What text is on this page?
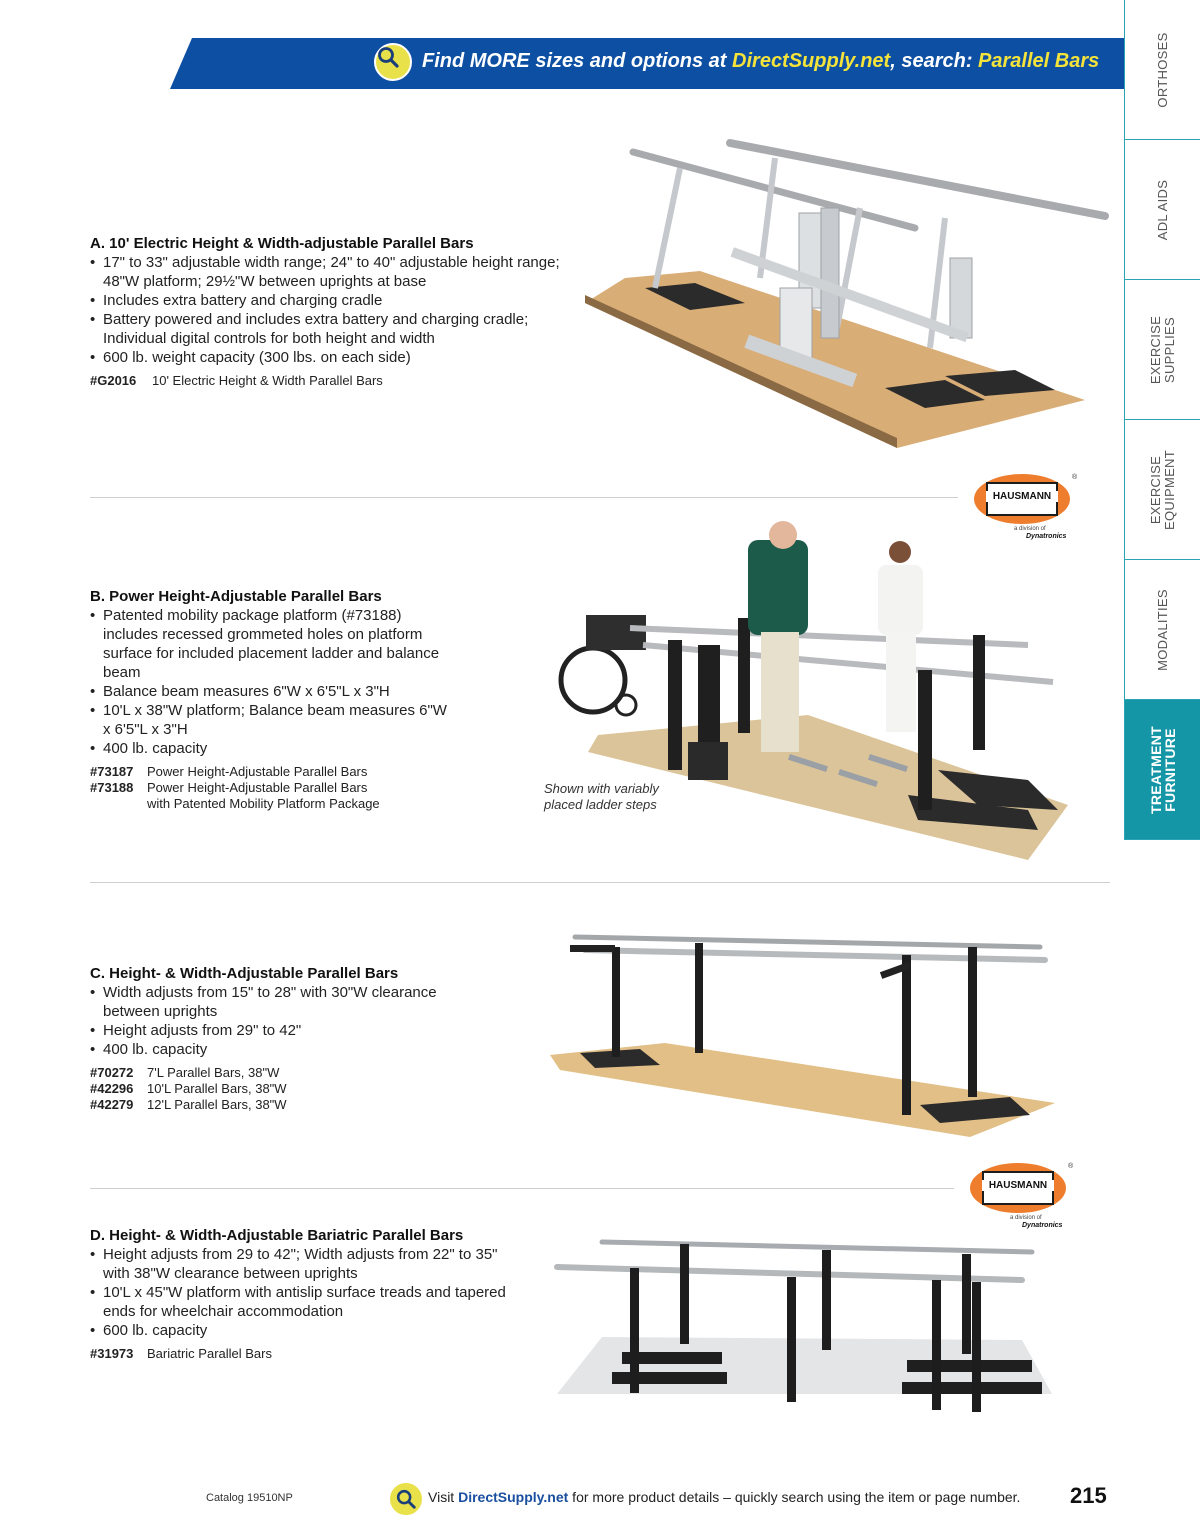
Find MORE sizes and options at DirectSupply.net, search: Parallel Bars	ORTHOSES
ADL AIDS
EXERCISE SUPPLIES
EXERCISE EQUIPMENT
MODALITIES
TREATMENT
FURNITURE
A. 10' Electric Height & Width-adjustable Parallel Bars
• 17" to 33" adjustable width range; 24" to 40" adjustable height range; 48"W platform; 29½"W between uprights at base
• Includes extra battery and charging cradle
• Battery powered and includes extra battery and charging cradle; Individual digital controls for both height and width
• 600 lb. weight capacity (300 lbs. on each side)
#G2016	10' Electric Height & Width Parallel Bars
HAUSMANN
®
a division of
Dynatronics
B. Power Height-Adjustable Parallel Bars
• Patented mobility package platform (#73188) includes recessed grommeted holes on platform surface for included placement ladder and balance beam
• Balance beam measures 6"W x 6'5"L x 3"H
• 10'L x 38"W platform; Balance beam measures 6"W x 6'5"L x 3"H
• 400 lb. capacity
#73187	Power Height-Adjustable Parallel Bars
#73188	Power Height-Adjustable Parallel Bars
with Patented Mobility Platform Package
Shown with variably
placed ladder steps
C. Height- & Width-Adjustable Parallel Bars
• Width adjusts from 15" to 28" with 30"W clearance between uprights
• Height adjusts from 29" to 42"
• 400 lb. capacity
#70272	7'L Parallel Bars, 38"W
#42296	10'L Parallel Bars, 38"W
#42279	12'L Parallel Bars, 38"W
HAUSMANN
®
a division of
Dynatronics
D. Height- & Width-Adjustable Bariatric Parallel Bars
• Height adjusts from 29 to 42"; Width adjusts from 22" to 35" with 38"W clearance between uprights
• 10'L x 45"W platform with antislip surface treads and tapered ends for wheelchair accommodation
• 600 lb. capacity
#31973	Bariatric Parallel Bars
Catalog 19510NP	Visit DirectSupply.net for more product details – quickly search using the item or page number. 215
